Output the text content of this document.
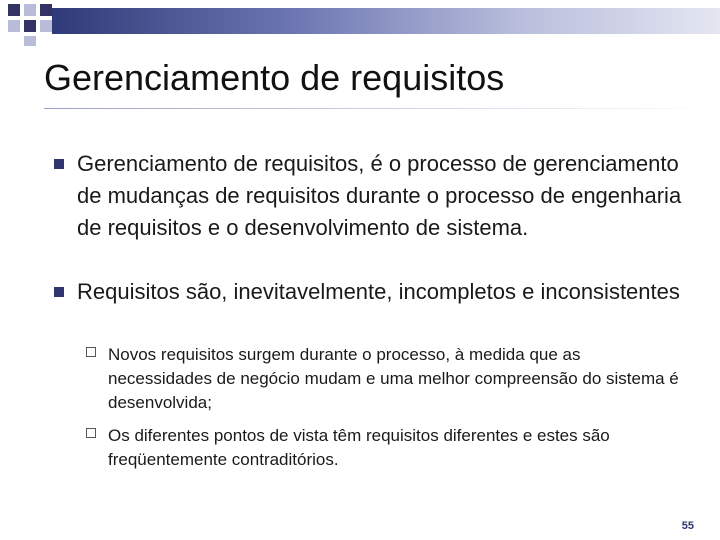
Gerenciamento de requisitos
Gerenciamento de requisitos, é o processo de gerenciamento de mudanças de requisitos durante o processo de engenharia de requisitos e o desenvolvimento de sistema.
Requisitos são, inevitavelmente, incompletos e inconsistentes
Novos requisitos surgem durante o processo, à medida que as necessidades de negócio mudam e uma melhor compreensão do sistema é desenvolvida;
Os diferentes pontos de vista têm requisitos diferentes e estes são freqüentemente contraditórios.
55
